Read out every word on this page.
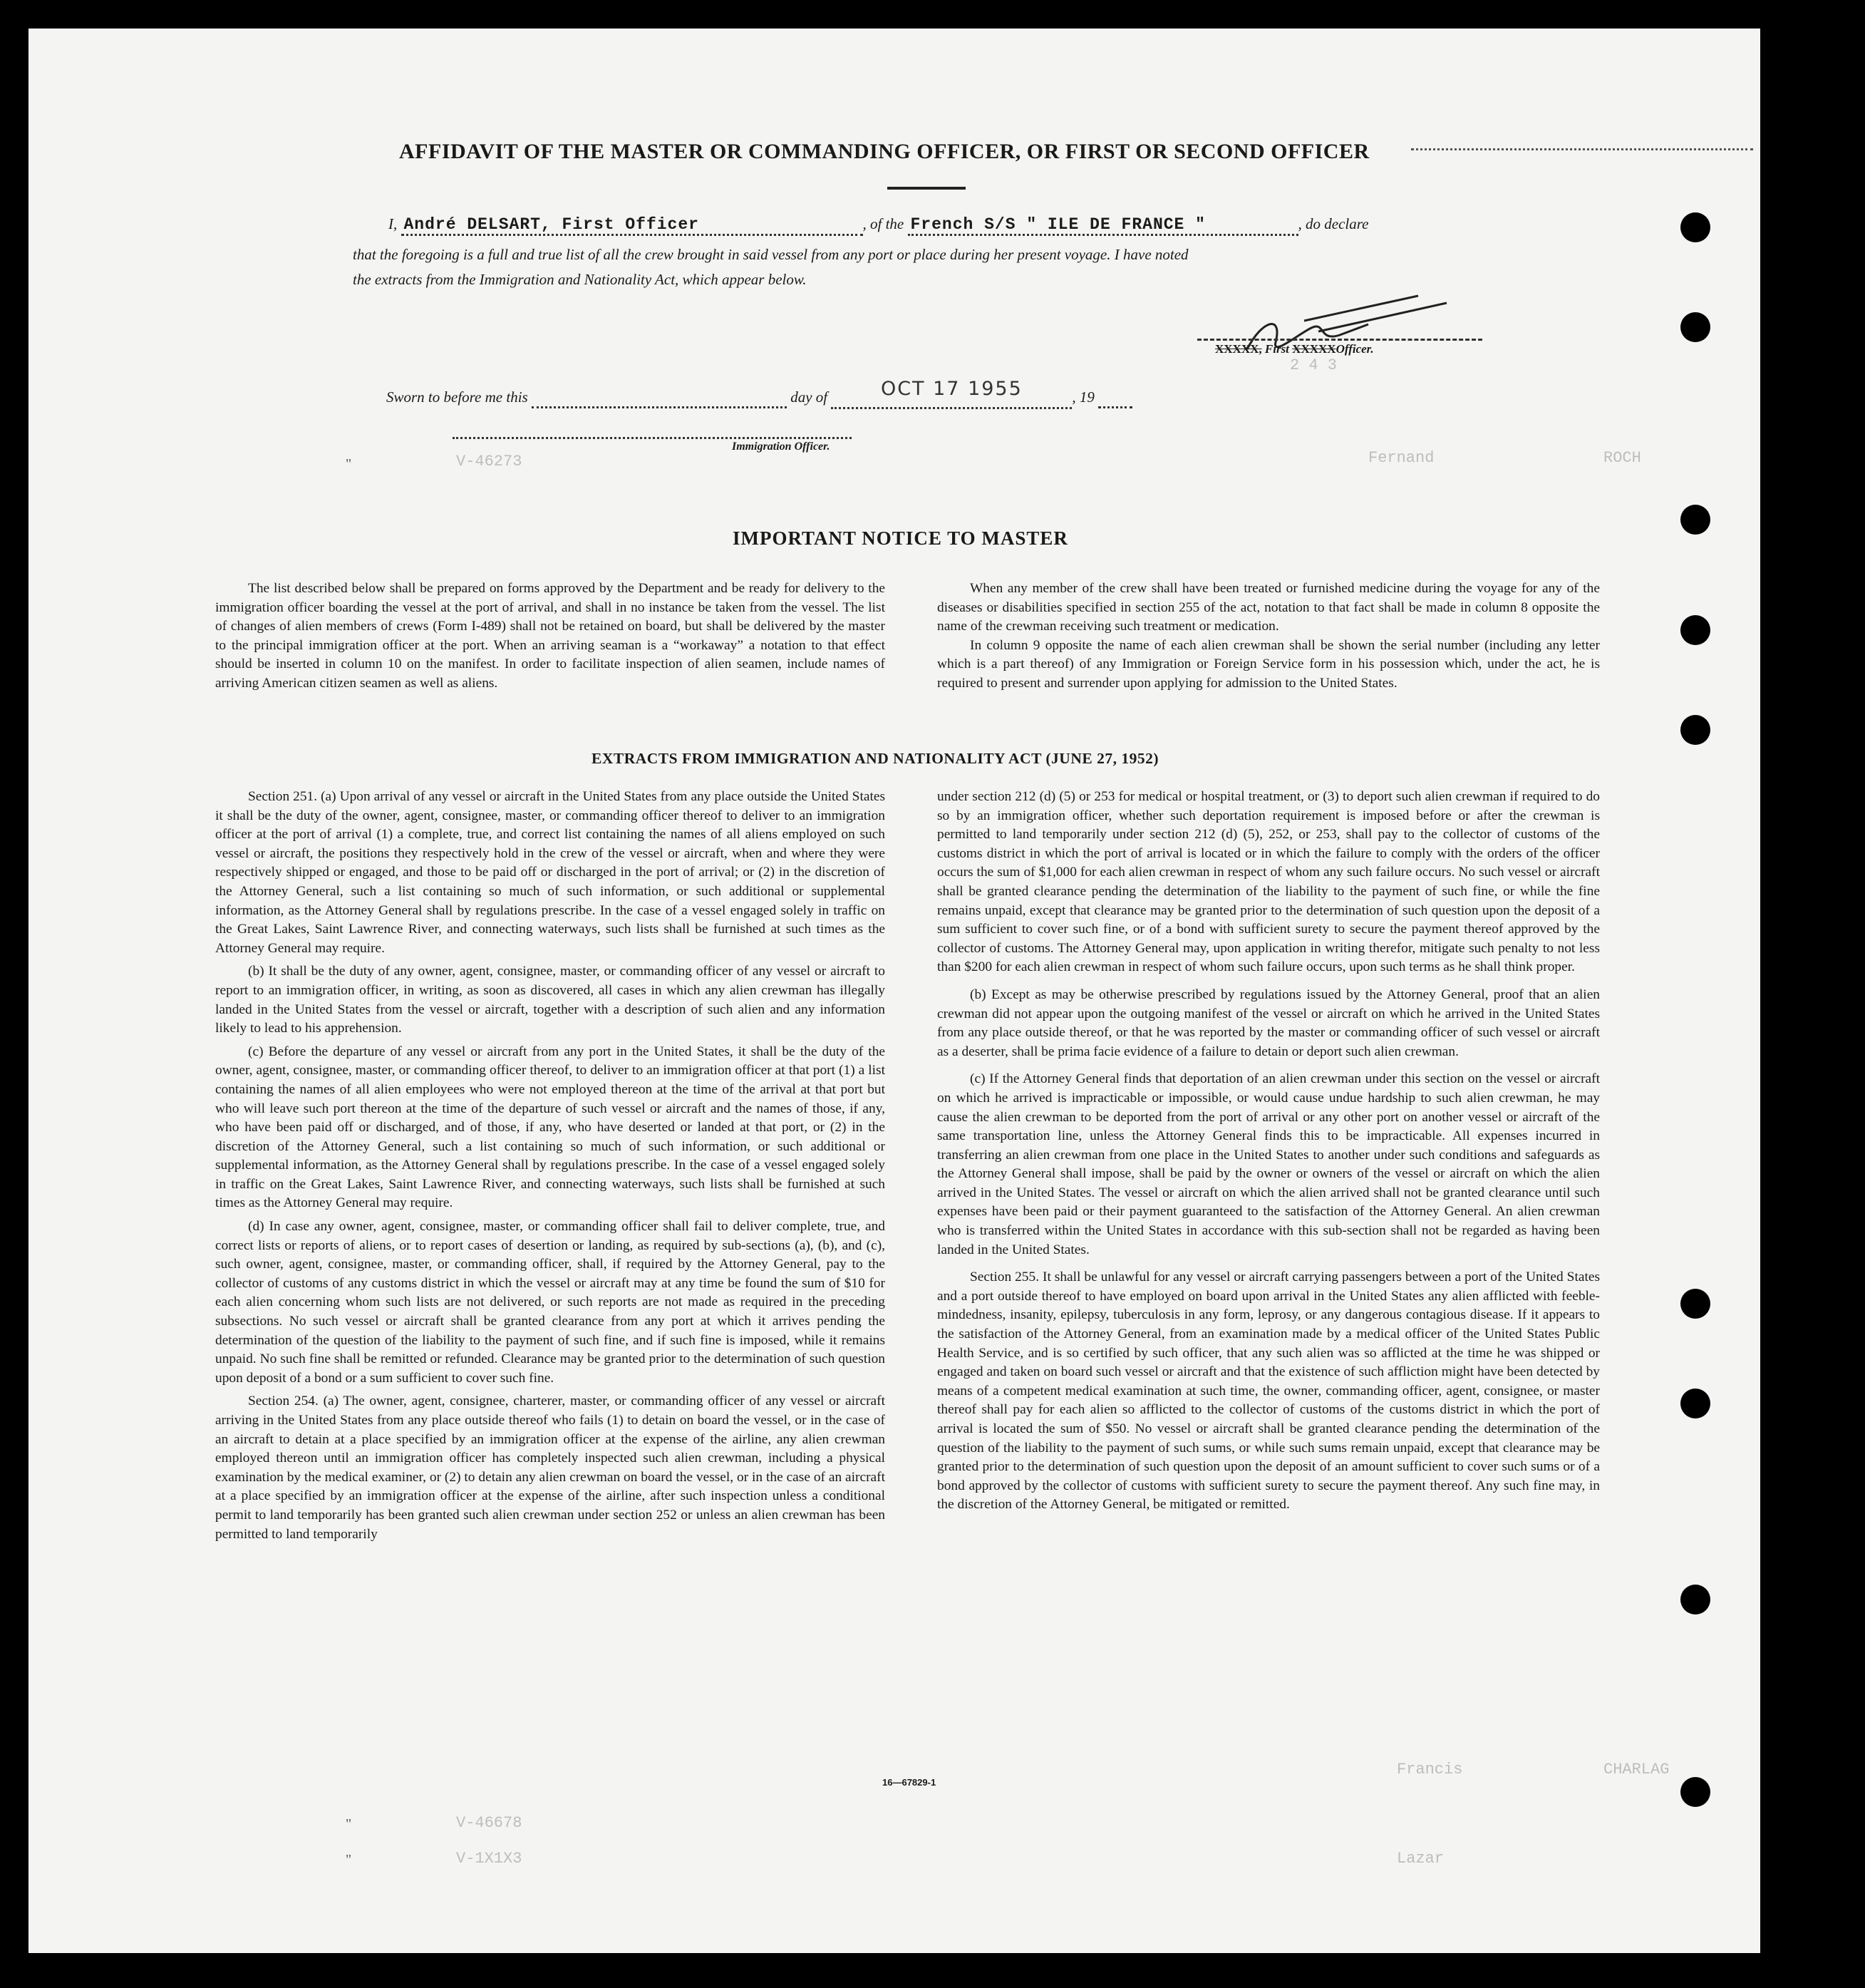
2 4 3
Fernand	ROCH
V-46273
CHARLAG
Francis
V-46678
V-1X1X3	Lazar
AFFIDAVIT OF THE MASTER OR COMMANDING OFFICER, OR FIRST OR SECOND OFFICER
I, André DELSART, First Officer	, of the French S/S " ILE DE FRANCE "	, do declare
that the foregoing is a full and true list of all the crew brought in said vessel from any port or place during her present voyage. I have noted
the extracts from the Immigration and Nationality Act, which appear below.
XXXXX, First XXXXXOfficer.
Sworn to before me this	day of	OCT 17 1955	, 19
Immigration Officer.
IMPORTANT NOTICE TO MASTER

The list described below shall be prepared on forms approved by the Department and be ready for delivery to the immigration officer boarding the vessel at the port of arrival, and shall in no instance be taken from the vessel. The list of changes of alien members of crews (Form I-489) shall not be retained on board, but shall be delivered by the master to the principal immigration officer at the port. When an arriving seaman is a “workaway” a notation to that effect should be inserted in column 10 on the manifest. In order to facilitate inspection of alien seamen, include names of arriving American citizen seamen as well as aliens.

When any member of the crew shall have been treated or furnished medicine during the voyage for any of the diseases or disabilities specified in section 255 of the act, notation to that fact shall be made in column 8 opposite the name of the crewman receiving such treatment or medication.

In column 9 opposite the name of each alien crewman shall be shown the serial number (including any letter which is a part thereof) of any Immigration or Foreign Service form in his possession which, under the act, he is required to present and surrender upon applying for admission to the United States.

EXTRACTS FROM IMMIGRATION AND NATIONALITY ACT (JUNE 27, 1952)

Section 251. (a) Upon arrival of any vessel or aircraft in the United States from any place outside the United States it shall be the duty of the owner, agent, consignee, master, or commanding officer thereof to deliver to an immigration officer at the port of arrival (1) a complete, true, and correct list containing the names of all aliens employed on such vessel or aircraft, the positions they respectively hold in the crew of the vessel or aircraft, when and where they were respectively shipped or engaged, and those to be paid off or discharged in the port of arrival; or (2) in the discretion of the Attorney General, such a list containing so much of such information, or such additional or supplemental information, as the Attorney General shall by regulations prescribe. In the case of a vessel engaged solely in traffic on the Great Lakes, Saint Lawrence River, and connecting waterways, such lists shall be furnished at such times as the Attorney General may require.

(b) It shall be the duty of any owner, agent, consignee, master, or commanding officer of any vessel or aircraft to report to an immigration officer, in writing, as soon as discovered, all cases in which any alien crewman has illegally landed in the United States from the vessel or aircraft, together with a description of such alien and any information likely to lead to his apprehension.

(c) Before the departure of any vessel or aircraft from any port in the United States, it shall be the duty of the owner, agent, consignee, master, or commanding officer thereof, to deliver to an immigration officer at that port (1) a list containing the names of all alien employees who were not employed thereon at the time of the arrival at that port but who will leave such port thereon at the time of the departure of such vessel or aircraft and the names of those, if any, who have been paid off or discharged, and of those, if any, who have deserted or landed at that port, or (2) in the discretion of the Attorney General, such a list containing so much of such information, or such additional or supplemental information, as the Attorney General shall by regulations prescribe. In the case of a vessel engaged solely in traffic on the Great Lakes, Saint Lawrence River, and connecting waterways, such lists shall be furnished at such times as the Attorney General may require.

(d) In case any owner, agent, consignee, master, or commanding officer shall fail to deliver complete, true, and correct lists or reports of aliens, or to report cases of desertion or landing, as required by sub-sections (a), (b), and (c), such owner, agent, consignee, master, or commanding officer, shall, if required by the Attorney General, pay to the collector of customs of any customs district in which the vessel or aircraft may at any time be found the sum of $10 for each alien concerning whom such lists are not delivered, or such reports are not made as required in the preceding subsections. No such vessel or aircraft shall be granted clearance from any port at which it arrives pending the determination of the question of the liability to the payment of such fine, and if such fine is imposed, while it remains unpaid. No such fine shall be remitted or refunded. Clearance may be granted prior to the determination of such question upon deposit of a bond or a sum sufficient to cover such fine.

Section 254. (a) The owner, agent, consignee, charterer, master, or commanding officer of any vessel or aircraft arriving in the United States from any place outside thereof who fails (1) to detain on board the vessel, or in the case of an aircraft to detain at a place specified by an immigration officer at the expense of the airline, any alien crewman employed thereon until an immigration officer has completely inspected such alien crewman, including a physical examination by the medical examiner, or (2) to detain any alien crewman on board the vessel, or in the case of an aircraft at a place specified by an immigration officer at the expense of the airline, after such inspection unless a conditional permit to land temporarily has been granted such alien crewman under section 252 or unless an alien crewman has been permitted to land temporarily

under section 212 (d) (5) or 253 for medical or hospital treatment, or (3) to deport such alien crewman if required to do so by an immigration officer, whether such deportation requirement is imposed before or after the crewman is permitted to land temporarily under section 212 (d) (5), 252, or 253, shall pay to the collector of customs of the customs district in which the port of arrival is located or in which the failure to comply with the orders of the officer occurs the sum of $1,000 for each alien crewman in respect of whom any such failure occurs. No such vessel or aircraft shall be granted clearance pending the determination of the liability to the payment of such fine, or while the fine remains unpaid, except that clearance may be granted prior to the determination of such question upon the deposit of a sum sufficient to cover such fine, or of a bond with sufficient surety to secure the payment thereof approved by the collector of customs. The Attorney General may, upon application in writing therefor, mitigate such penalty to not less than $200 for each alien crewman in respect of whom such failure occurs, upon such terms as he shall think proper.

(b) Except as may be otherwise prescribed by regulations issued by the Attorney General, proof that an alien crewman did not appear upon the outgoing manifest of the vessel or aircraft on which he arrived in the United States from any place outside thereof, or that he was reported by the master or commanding officer of such vessel or aircraft as a deserter, shall be prima facie evidence of a failure to detain or deport such alien crewman.

(c) If the Attorney General finds that deportation of an alien crewman under this section on the vessel or aircraft on which he arrived is impracticable or impossible, or would cause undue hardship to such alien crewman, he may cause the alien crewman to be deported from the port of arrival or any other port on another vessel or aircraft of the same transportation line, unless the Attorney General finds this to be impracticable. All expenses incurred in transferring an alien crewman from one place in the United States to another under such conditions and safeguards as the Attorney General shall impose, shall be paid by the owner or owners of the vessel or aircraft on which the alien arrived in the United States. The vessel or aircraft on which the alien arrived shall not be granted clearance until such expenses have been paid or their payment guaranteed to the satisfaction of the Attorney General. An alien crewman who is transferred within the United States in accordance with this sub-section shall not be regarded as having been landed in the United States.

Section 255. It shall be unlawful for any vessel or aircraft carrying passengers between a port of the United States and a port outside thereof to have employed on board upon arrival in the United States any alien afflicted with feeble-mindedness, insanity, epilepsy, tuberculosis in any form, leprosy, or any dangerous contagious disease. If it appears to the satisfaction of the Attorney General, from an examination made by a medical officer of the United States Public Health Service, and is so certified by such officer, that any such alien was so afflicted at the time he was shipped or engaged and taken on board such vessel or aircraft and that the existence of such affliction might have been detected by means of a competent medical examination at such time, the owner, commanding officer, agent, consignee, or master thereof shall pay for each alien so afflicted to the collector of customs of the customs district in which the port of arrival is located the sum of $50. No vessel or aircraft shall be granted clearance pending the determination of the question of the liability to the payment of such sums, or while such sums remain unpaid, except that clearance may be granted prior to the determination of such question upon the deposit of an amount sufficient to cover such sums or of a bond approved by the collector of customs with sufficient surety to secure the payment thereof. Any such fine may, in the discretion of the Attorney General, be mitigated or remitted.

16—67829-1
"
"
"
